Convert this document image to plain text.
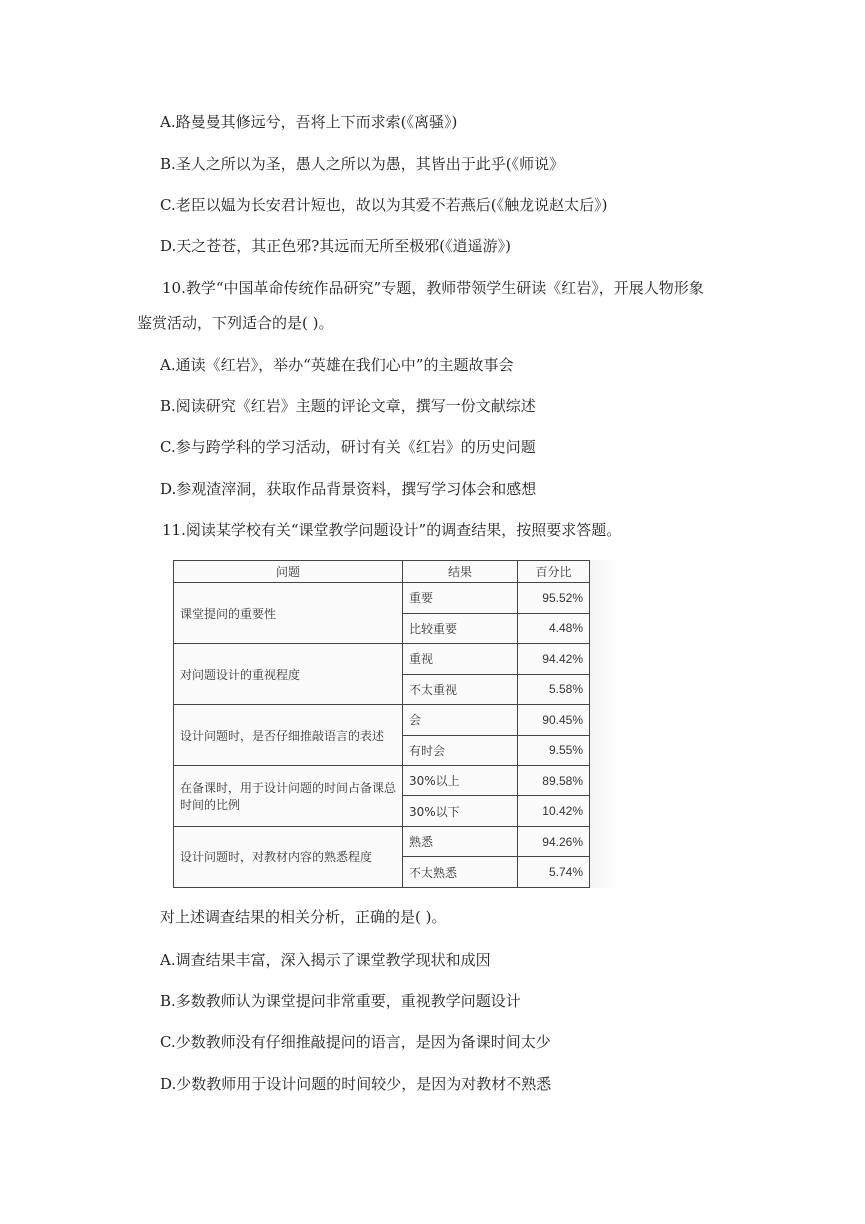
A.路曼曼其修远兮，吾将上下而求索(《离骚》)
B.圣人之所以为圣，愚人之所以为愚，其皆出于此乎(《师说》
C.老臣以媪为长安君计短也，故以为其爱不若燕后(《触龙说赵太后》)
D.天之苍苍，其正色邪?其远而无所至极邪(《逍遥游》)
10.教学“中国革命传统作品研究”专题，教师带领学生研读《红岩》，开展人物形象
鉴赏活动，下列适合的是( )。
A.通读《红岩》，举办“英雄在我们心中”的主题故事会
B.阅读研究《红岩》主题的评论文章，撰写一份文献综述
C.参与跨学科的学习活动，研讨有关《红岩》的历史问题
D.参观渣滓洞，获取作品背景资料，撰写学习体会和感想
11.阅读某学校有关“课堂教学问题设计”的调查结果，按照要求答题。
问题	结果	百分比
课堂提问的重要性	重要	95.52%
	比较重要	4.48%
对问题设计的重视程度	重视	94.42%
	不太重视	5.58%
设计问题时，是否仔细推敲语言的表述	会	90.45%
	有时会	9.55%
在备课时，用于设计问题的时间占备课总时间的比例	30%以上	89.58%
	30%以下	10.42%
设计问题时，对教材内容的熟悉程度	熟悉	94.26%
	不太熟悉	5.74%
对上述调查结果的相关分析，正确的是( )。
A.调查结果丰富，深入揭示了课堂教学现状和成因
B.多数教师认为课堂提问非常重要，重视教学问题设计
C.少数教师没有仔细推敲提问的语言，是因为备课时间太少
D.少数教师用于设计问题的时间较少，是因为对教材不熟悉
